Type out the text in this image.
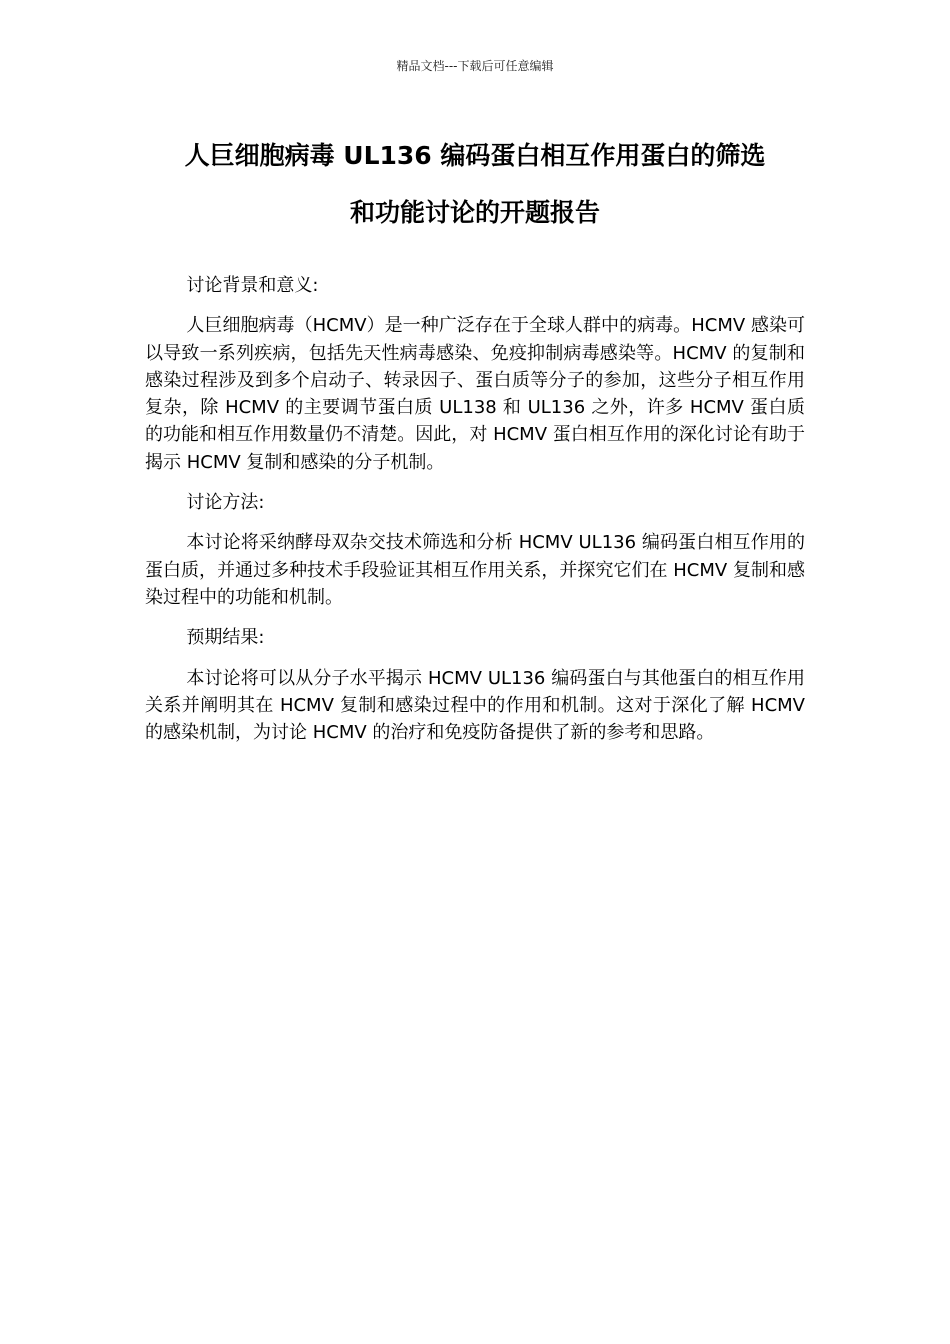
精品文档---下载后可任意编辑
人巨细胞病毒 UL136 编码蛋白相互作用蛋白的筛选
和功能讨论的开题报告

讨论背景和意义:

人巨细胞病毒（HCMV）是一种广泛存在于全球人群中的病毒。HCMV 感染可以导致一系列疾病，包括先天性病毒感染、免疫抑制病毒感染等。HCMV 的复制和感染过程涉及到多个启动子、转录因子、蛋白质等分子的参加，这些分子相互作用复杂，除 HCMV 的主要调节蛋白质 UL138 和 UL136 之外，许多 HCMV 蛋白质的功能和相互作用数量仍不清楚。因此，对 HCMV 蛋白相互作用的深化讨论有助于揭示 HCMV 复制和感染的分子机制。

讨论方法:

本讨论将采纳酵母双杂交技术筛选和分析 HCMV UL136 编码蛋白相互作用的蛋白质，并通过多种技术手段验证其相互作用关系，并探究它们在 HCMV 复制和感染过程中的功能和机制。

预期结果:

本讨论将可以从分子水平揭示 HCMV UL136 编码蛋白与其他蛋白的相互作用关系并阐明其在 HCMV 复制和感染过程中的作用和机制。这对于深化了解 HCMV 的感染机制，为讨论 HCMV 的治疗和免疫防备提供了新的参考和思路。
